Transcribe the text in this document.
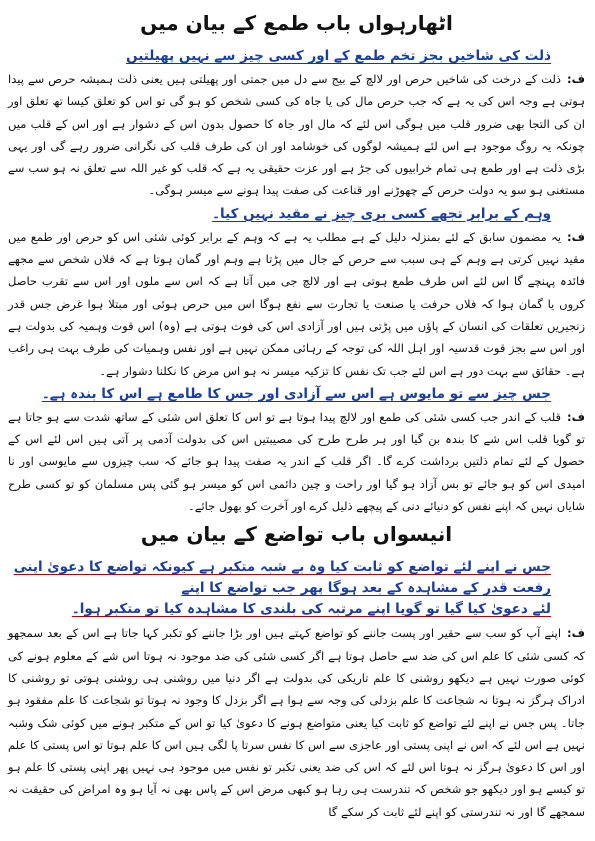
اٹھارہواں باب طمع کے بیان میں
ذلت کی شاخیں بجز تخم طمع کے اور کسی چیز سے نہیں پھیلتیں

ف:ذلت کے درخت کی شاخیں حرص اور لالچ کے بیج سے دل میں جمتی اور پھیلتی ہیں یعنی ذلت ہمیشہ حرص سے پیدا ہوتی ہے وجہ اس کی یہ ہے کہ جب حرص مال کی یا جاہ کی کسی شخص کو ہو گی تو اس کو تعلق کیسا تھ تعلق اور ان کی التجا بھی ضرور قلب میں ہوگی اس لئے کہ مال اور جاہ کا حصول بدون اس کے دشوار ہے اور اس کے قلب میں چونکہ یہ روگ موجود ہے اس لئے ہمیشہ لوگوں کی خوشامد اور ان کی طرف قلب کی نگرانی ضرور رہے گی اور یہی بڑی ذلت ہے اور طمع ہی تمام خرابیوں کی جڑ ہے اور عزت حقیقی یہ ہے کہ قلب کو غیر اللہ سے تعلق نہ ہو سب سے مستغنی ہو سو یہ دولت حرص کے چھوڑنے اور قناعت کی صفت پیدا ہونے سے میسر ہوگی۔

وہم کے برابر تجھے کسی بری چیز نے مقید نہیں کیا۔

ف:یہ مضمون سابق کے لئے بمنزلہ دلیل کے ہے مطلب یہ ہے کہ وہم کے برابر کوئی شئی اس کو حرص اور طمع میں مقید نہیں کرتی ہے وہم کے ہی سبب سے حرص کے جال میں پڑتا ہے وہم اور گمان ہوتا ہے کہ فلاں شخص سے مجھے فائدہ پہنچے گا اس لئے اس طرف طمع ہوتی ہے اور لالچ جی میں آتا ہے کہ اس سے ملوں اور اس سے تقرب حاصل کروں یا گمان ہوا کہ فلاں حرفت یا صنعت یا تجارت سے نفع ہوگا اس میں حرص ہوئی اور مبتلا ہوا غرض جس قدر زنجیریں تعلقات کی انسان کے پاؤں میں پڑتی ہیں اور آزادی اس کی فوت ہوتی ہے (وہ) اس قوت وہمیہ کی بدولت ہے اور اس سے بجز قوت قدسیہ اور اہل اللہ کی توجہ کے رہائی ممکن نہیں ہے اور نفس وہمیات کی طرف بہت ہی راغب ہے۔ حقائق سے بہت دور ہے اس لئے جب تک نفس کا تزکیہ میسر نہ ہو اس مرض کا نکلنا دشوار ہے۔

جس چیز سے تو مایوس ہے اس سے آزادی اور جس کا طامع ہے اس کا بندہ ہے۔

ف:قلب کے اندر جب کسی شئی کی طمع اور لالچ پیدا ہوتا ہے تو اس کا تعلق اس شئی کے ساتھ شدت سے ہو جاتا ہے تو گویا قلب اس شے کا بندہ بن گیا اور ہر طرح طرح کی مصیبتیں اس کی بدولت آدمی پر آتی ہیں اس لئے اس کے حصول کے لئے تمام ذلتیں برداشت کرے گا۔ اگر قلب کے اندر یہ صفت پیدا ہو جائے کہ سب چیزوں سے مایوسی اور نا امیدی اس کو ہو جائے تو بس آزاد ہو گیا اور راحت و چین دائمی اس کو میسر ہو گئی پس مسلمان کو تو کسی طرح شایاں نہیں کہ اپنے نفس کو دنیائے دنی کے پیچھے ذلیل کرے اور آخرت کو بھول جائے۔

انیسواں باب تواضع کے بیان میں
جس نے اپنے لئے تواضع کو ثابت کیا وہ بے شبہ متکبر ہے کیونکہ تواضع کا دعویٰ اپنی رفعت قدر کے مشاہدہ کے بعد ہوگا پھر جب تواضع کا اپنے
لئے دعویٰ کیا گیا تو گویا اپنے مرتبہ کی بلندی کا مشاہدہ کیا تو متکبر ہوا۔

ف:اپنے آپ کو سب سے حقیر اور پست جاننے کو تواضع کہتے ہیں اور بڑا جاننے کو تکبر کہا جاتا ہے اس کے بعد سمجھو کہ کسی شئی کا علم اس کی ضد سے حاصل ہوتا ہے اگر کسی شئی کی ضد موجود نہ ہوتا اس شے کے معلوم ہونے کی کوئی صورت نہیں ہے دیکھو روشنی کا علم تاریکی کی بدولت ہے اگر دنیا میں روشنی ہی روشنی ہوتی تو روشنی کا ادراک ہرگز نہ ہوتا نہ شجاعت کا علم بزدلی کی وجہ سے ہوا ہے اگر بزدل کا وجود نہ ہوتا تو شجاعت کا علم مفقود ہو جاتا۔ پس جس نے اپنے لئے تواضع کو ثابت کیا یعنی متواضع ہونے کا دعویٰ کیا تو اس کے متکبر ہونے میں کوئی شک وشبہ نہیں ہے اس لئے کہ اس نے اپنی پستی اور عاجزی سے اس کا نفس سرتا پا لگی ہیں اس کا علم ہوتا تو اس پستی کا علم اور اس کا دعویٰ ہرگز نہ ہوتا اس لئے کہ اس کی ضد یعنی تکبر تو نفس میں موجود ہی نہیں پھر اپنی پستی کا علم ہو تو کیسے ہو اور دیکھو جو شخص کہ تندرست ہی رہا ہو کبھی مرض اس کے پاس بھی نہ آیا ہو وہ امراض کی حقیقت نہ سمجھے گا اور نہ تندرستی کو اپنے لئے ثابت کر سکے گا
